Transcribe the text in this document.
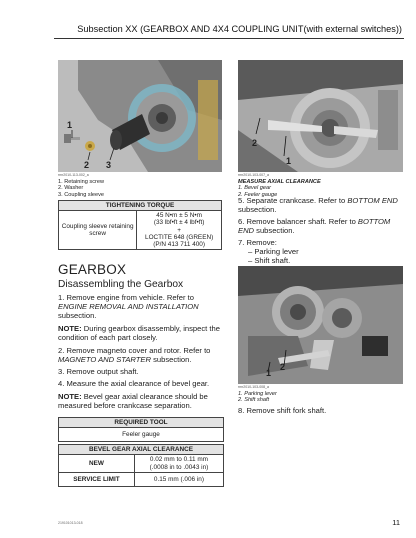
Subsection XX (GEARBOX AND 4X4 COUPLING UNIT(with external switches))
1
2 3
rmr2010-113-002_a
1. Retaining screw
2. Washer
3. Coupling sleeve
TIGHTENING TORQUE
Coupling sleeve retaining screw	
45 N•m ± 5 N•m
(33 lbf•ft ± 4 lbf•ft)
+
LOCTITE 648 (GREEN)
(P/N 413 711 400)
GEARBOX
Disassembling the Gearbox

1. Remove engine from vehicle. Refer to ENGINE REMOVAL AND INSTALLATION subsection.

NOTE: During gearbox disassembly, inspect the condition of each part closely.

2. Remove magneto cover and rotor. Refer to MAGNETO AND STARTER subsection.

3. Remove output shaft.

4. Measure the axial clearance of bevel gear.

NOTE: Bevel gear axial clearance should be measured before crankcase separation.

REQUIRED TOOL
Feeler gauge
BEVEL GEAR AXIAL CLEARANCE	
NEW	0.02 mm to 0.11 mm
(.0008 in to .0043 in)

SERVICE LIMIT	0.15 mm (.006 in)
1
2
rmr2010-103-007_a
MEASURE AXIAL CLEARANCE
1. Bevel gear
2. Feeler gauge

5. Separate crankcase. Refer to BOTTOM END subsection.

6. Remove balancer shaft. Refer to BOTTOM END subsection.

7. Remove:

– Parking lever

– Shift shaft.

1
2
rmr2010-103-008_a
1. Parking lever
2. Shift shaft

8. Remove shift fork shaft.

219101013-018	11
